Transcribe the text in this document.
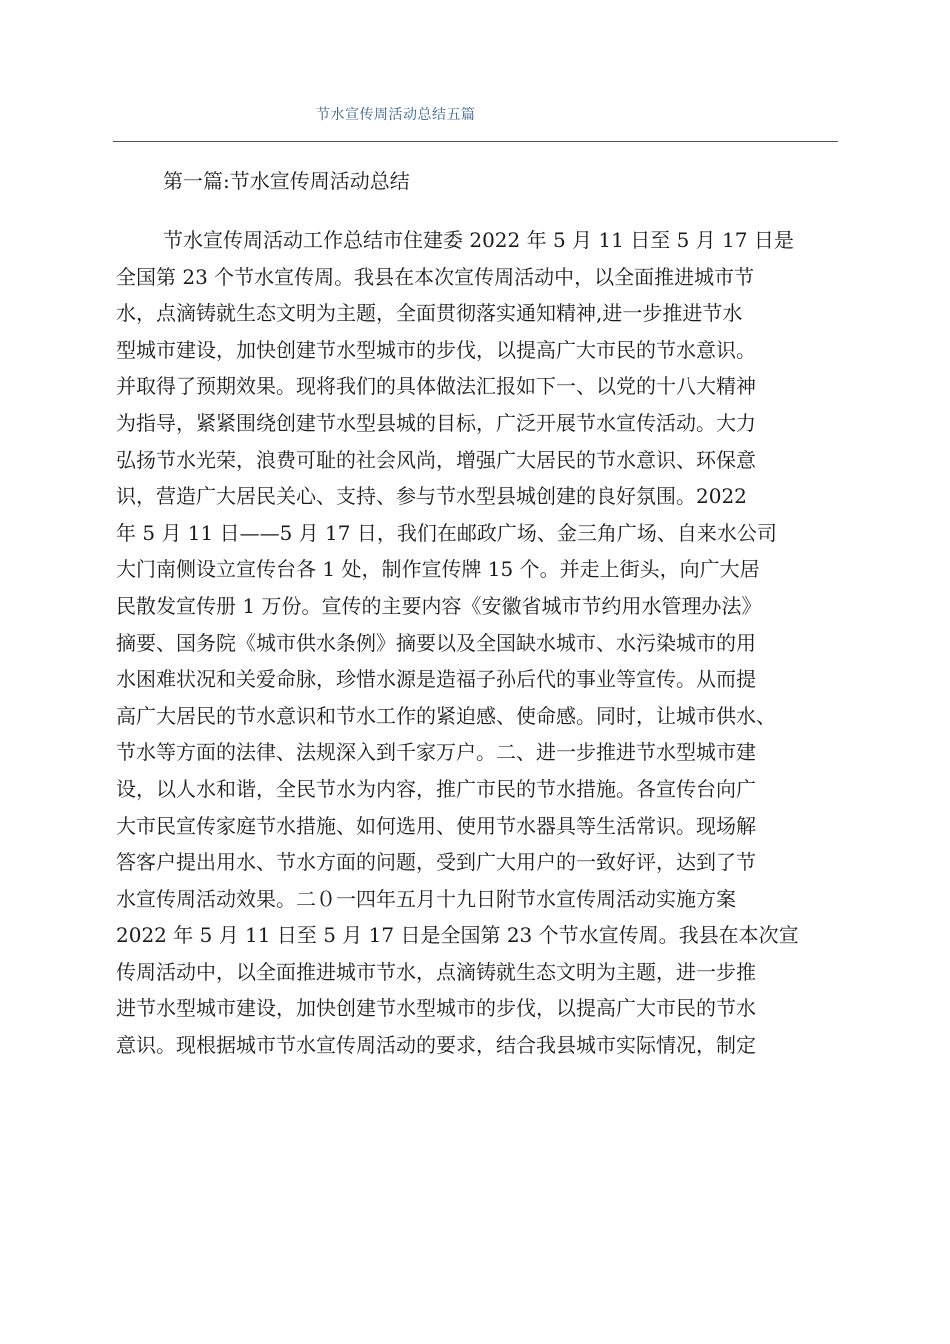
节水宣传周活动总结五篇
第一篇:节水宣传周活动总结
节水宣传周活动工作总结市住建委 2022 年 5 月 11 日至 5 月 17 日是
全国第 23 个节水宣传周。我县在本次宣传周活动中，以全面推进城市节
水，点滴铸就生态文明为主题，全面贯彻落实通知精神,进一步推进节水
型城市建设，加快创建节水型城市的步伐，以提高广大市民的节水意识。
并取得了预期效果。现将我们的具体做法汇报如下一、以党的十八大精神
为指导，紧紧围绕创建节水型县城的目标，广泛开展节水宣传活动。大力
弘扬节水光荣，浪费可耻的社会风尚，增强广大居民的节水意识、环保意
识，营造广大居民关心、支持、参与节水型县城创建的良好氛围。2022
年 5 月 11 日——5 月 17 日，我们在邮政广场、金三角广场、自来水公司
大门南侧设立宣传台各 1 处，制作宣传牌 15 个。并走上街头，向广大居
民散发宣传册 1 万份。宣传的主要内容《安徽省城市节约用水管理办法》
摘要、国务院《城市供水条例》摘要以及全国缺水城市、水污染城市的用
水困难状况和关爱命脉，珍惜水源是造福子孙后代的事业等宣传。从而提
高广大居民的节水意识和节水工作的紧迫感、使命感。同时，让城市供水、
节水等方面的法律、法规深入到千家万户。二、进一步推进节水型城市建
设，以人水和谐，全民节水为内容，推广市民的节水措施。各宣传台向广
大市民宣传家庭节水措施、如何选用、使用节水器具等生活常识。现场解
答客户提出用水、节水方面的问题，受到广大用户的一致好评，达到了节
水宣传周活动效果。二０一四年五月十九日附节水宣传周活动实施方案
2022 年 5 月 11 日至 5 月 17 日是全国第 23 个节水宣传周。我县在本次宣
传周活动中，以全面推进城市节水，点滴铸就生态文明为主题，进一步推
进节水型城市建设，加快创建节水型城市的步伐，以提高广大市民的节水
意识。现根据城市节水宣传周活动的要求，结合我县城市实际情况，制定
